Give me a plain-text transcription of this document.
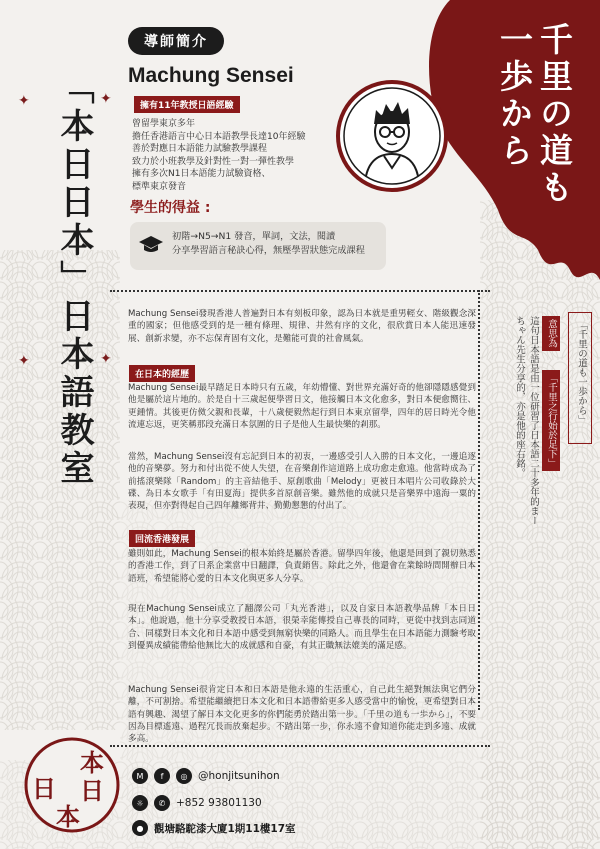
千里の道も
一歩から
✦

✦
✦

✦
「本日日本」日本語教室
導師簡介
Machung Sensei
擁有11年教授日語經驗
曾留學東京多年
擔任香港語言中心日本語教學長達10年經驗
善於對應日本語能力試驗教學課程
致力於小班教學及針對性一對一彈性教學
擁有多次N1日本語能力試驗資格、
標準東京發音
學生的得益 :
初階→N5→N1 發音，單詞，文法，閱讀
分享學習語言秘訣心得，無壓學習狀態完成課程

Machung Sensei發現香港人普遍對日本有刻板印象，認為日本就是重男輕女、階級觀念深重的國家；但他感受到的是一種有條理、規律、井然有序的文化，很欣賞日本人能迅速發展、創新求變，亦不忘保育固有文化，是難能可貴的社會風氣。

在日本的經歷

Machung Sensei最早踏足日本時只有五歲，年幼懵懂、對世界充滿好奇的他卻隱隱感覺到他是屬於這片地的。於是自十三歲起便學習日文，他接觸日本文化愈多，對日本便愈嚮往、更鍾情。其後更仿傚父親和長輩，十八歲便毅然起行到日本東京留學，四年的居日時光令他流連忘返，更笑稱那段充滿日本氛圍的日子是他人生最快樂的剎那。

當然，Machung Sensei沒有忘記到日本的初衷，一邊感受引人入勝的日本文化，一邊追逐他的音樂夢。努力和付出從不使人失望，在音樂創作這道路上成功愈走愈遠。他當時成為了前搖滾樂隊「Random」的主音結他手、原創歌曲「Melody」更被日本唱片公司收錄於大碟、為日本女歌手「有田夏海」提供多首原創音樂。雖然他的成就只是音樂界中遠海一粟的表現，但亦對得起自己四年離鄉背井、勤勤懇懇的付出了。

回流香港發展

雖則如此，Machung Sensei的根本始終是屬於香港。留學四年後，他還是回到了親切熟悉的香港工作，到了日系企業當中日翻譯，負責銷售。除此之外，他還會在業餘時間開辦日本語班，希望能將心愛的日本文化與更多人分享。

現在Machung Sensei成立了翻譯公司「丸光香港」，以及自家日本語教學品牌「本日日本」。他說過，他十分享受教授日本語，很榮幸能傳授自己專長的同時，更從中找到志同道合、同樣對日本文化和日本語中感受到無窮快樂的同路人。而且學生在日本語能力測驗考取到優異成績能帶給他無比大的成就感和自豪，有其正職無法媲美的滿足感。

Machung Sensei很肯定日本和日本語是他永遠的生活重心，自己此生絕對無法與它們分離，不可割捨。希望能繼續把日本文化和日本語帶給更多人感受當中的愉悅，更希望對日本語有興趣、渴望了解日本文化更多的你們能勇於踏出第一步。「千里の道も一歩から」，不要因為目標遙遠、過程冗長而放棄起步。不踏出第一步，你永遠不會知道你能走到多遠、成就多高。

「千里の道も一歩から」
意思為
「千里之行始於足下」
這句日本語是由一位研習了日本語二十多年的まーちゃん先生分享的，亦是他的座右銘。
本
日 日
本
M	f	◎	@honjitsunihon
☼	✆	+852 93801130
●	觀塘駱駝漆大廈1期11樓17室
